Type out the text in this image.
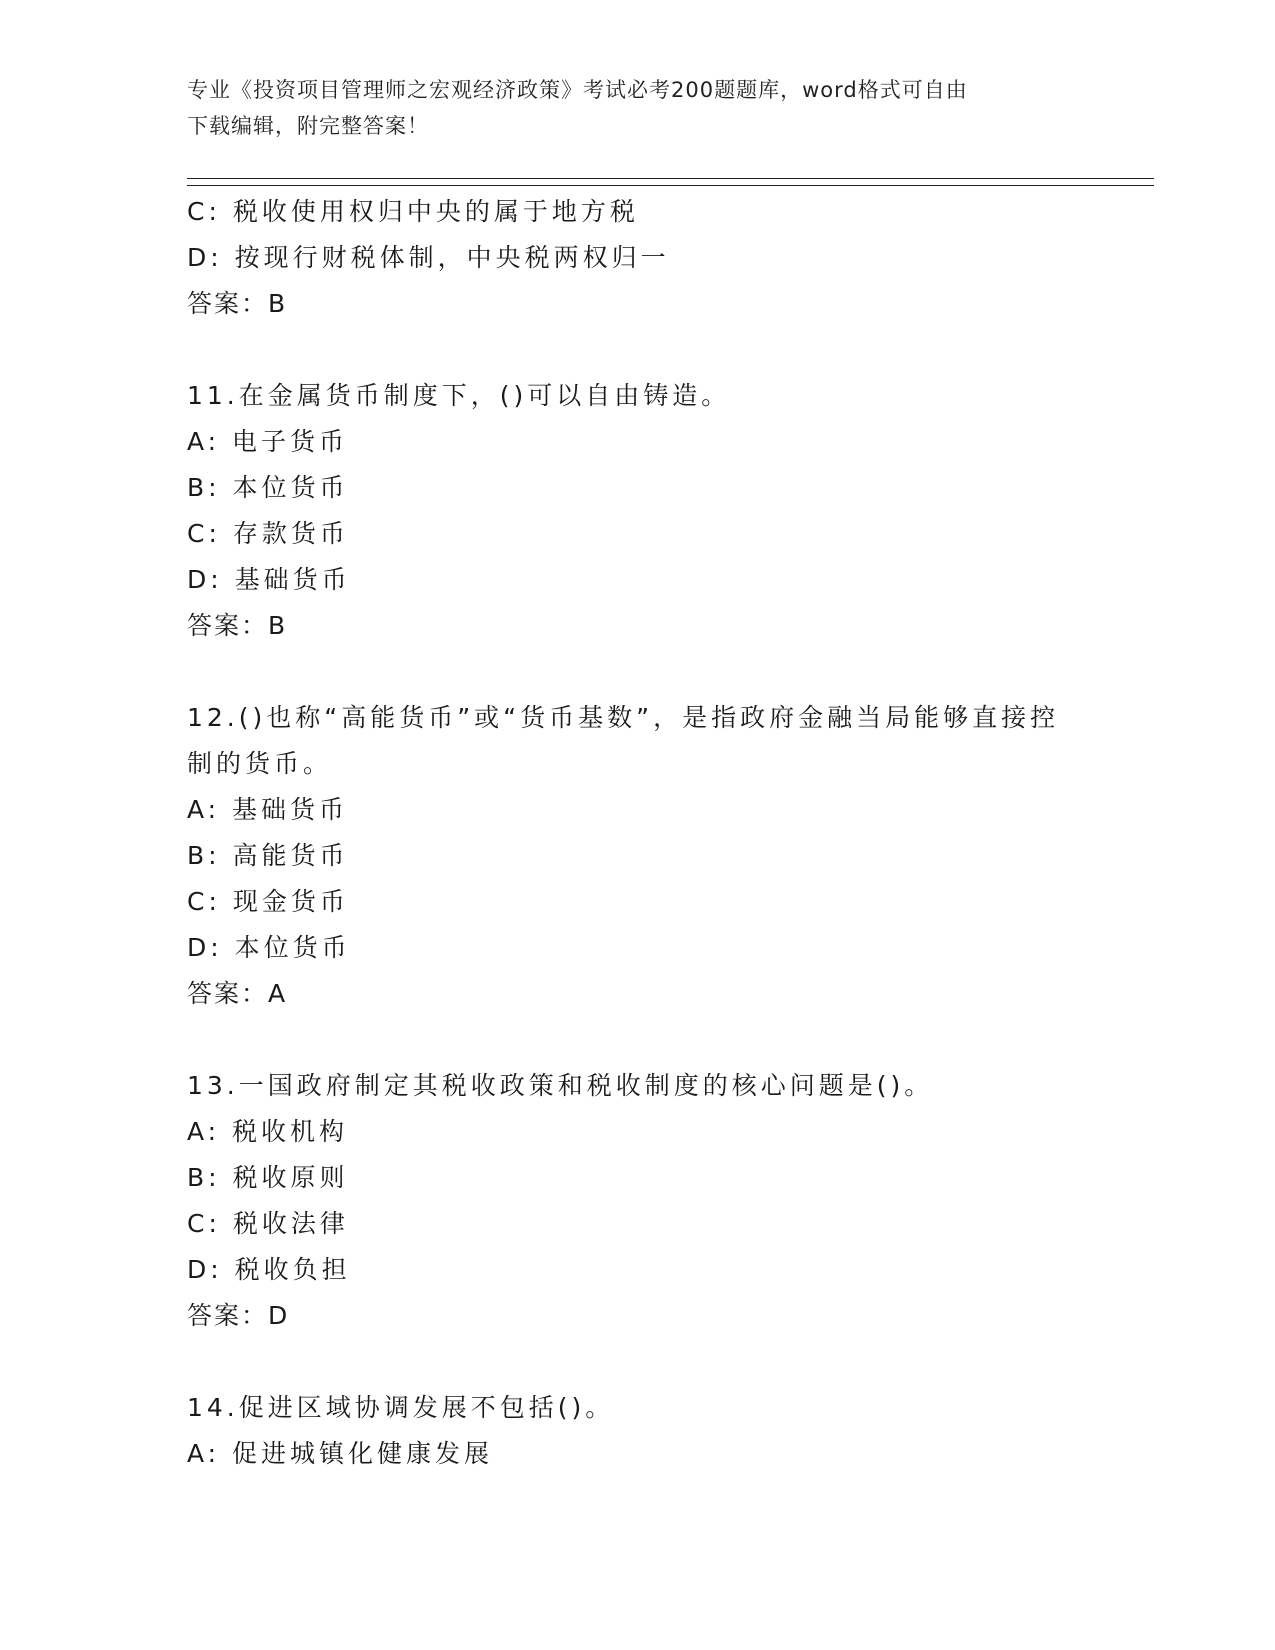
专业《投资项目管理师之宏观经济政策》考试必考200题题库，word格式可自由
下载编辑，附完整答案！
C: 税收使用权归中央的属于地方税
D: 按现行财税体制，中央税两权归一
答案：B
11.在金属货币制度下，()可以自由铸造。
A: 电子货币
B: 本位货币
C: 存款货币
D: 基础货币
答案：B
12.()也称“高能货币”或“货币基数”，是指政府金融当局能够直接控制的货币。
A: 基础货币
B: 高能货币
C: 现金货币
D: 本位货币
答案：A
13.一国政府制定其税收政策和税收制度的核心问题是()。
A: 税收机构
B: 税收原则
C: 税收法律
D: 税收负担
答案：D
14.促进区域协调发展不包括()。
A: 促进城镇化健康发展
